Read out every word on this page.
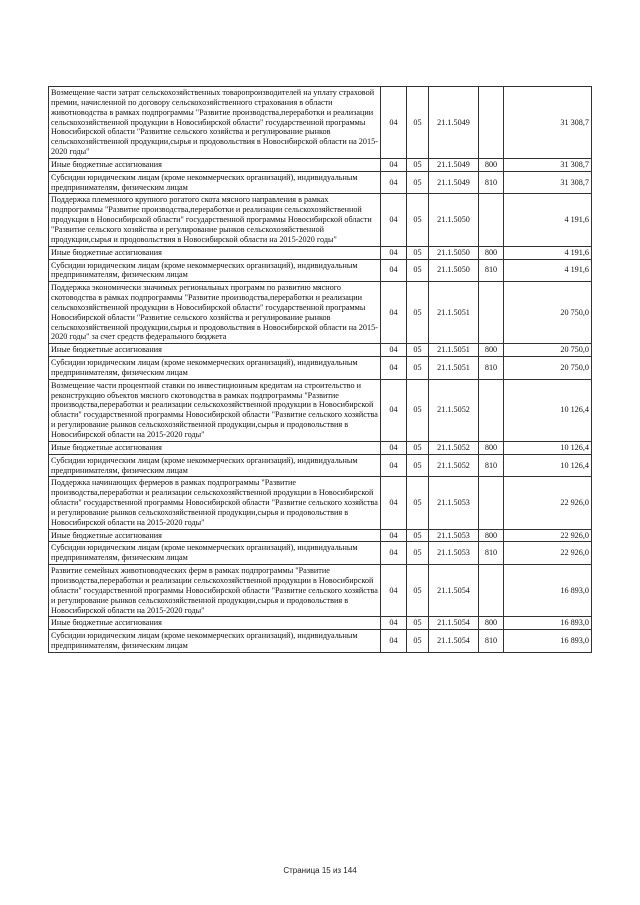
Возмещение части затрат сельскохозяйственных товаропроизводителей на уплату страховой премии, начисленной по договору сельскохозяйственного страхования в области животноводства в рамках подпрограммы "Развитие производства,переработки и реализации сельскохозяйственной продукции в Новосибирской области" государственной программы Новосибирской области "Развитие сельского хозяйства и регулирование рынков сельскохозяйственной продукции,сырья и продовольствия в Новосибирской области на 2015-2020 годы"	04	05	21.1.5049		31 308,7
Иные бюджетные ассигнования	04	05	21.1.5049	800	31 308,7
Субсидии юридическим лицам (кроме некоммерческих организаций), индивидуальным предпринимателям, физическим лицам	04	05	21.1.5049	810	31 308,7
Поддержка племенного крупного рогатого скота мясного направления в рамках подпрограммы "Развитие производства,переработки и реализации сельскохозяйственной продукции в Новосибирской области" государственной программы Новосибирской области "Развитие сельского хозяйства и регулирование рынков сельскохозяйственной продукции,сырья и продовольствия в Новосибирской области на 2015-2020 годы"	04	05	21.1.5050		4 191,6
Иные бюджетные ассигнования	04	05	21.1.5050	800	4 191,6
Субсидии юридическим лицам (кроме некоммерческих организаций), индивидуальным предпринимателям, физическим лицам	04	05	21.1.5050	810	4 191,6
Поддержка экономически значимых региональных программ по развитию мясного скотоводства в рамках подпрограммы "Развитие производства,переработки и реализации сельскохозяйственной продукции в Новосибирской области" государственной программы Новосибирской области "Развитие сельского хозяйства и регулирование рынков сельскохозяйственной продукции,сырья и продовольствия в Новосибирской области на 2015-2020 годы" за счет средств федерального бюджета	04	05	21.1.5051		20 750,0
Иные бюджетные ассигнования	04	05	21.1.5051	800	20 750,0
Субсидии юридическим лицам (кроме некоммерческих организаций), индивидуальным предпринимателям, физическим лицам	04	05	21.1.5051	810	20 750,0
Возмещение части процентной ставки по инвестиционным кредитам на строительство и реконструкцию объектов мясного скотоводства в рамках подпрограммы "Развитие производства,переработки и реализации сельскохозяйственной продукции в Новосибирской области" государственной программы Новосибирской области "Развитие сельского хозяйства и регулирование рынков сельскохозяйственной продукции,сырья и продовольствия в Новосибирской области на 2015-2020 годы"	04	05	21.1.5052		10 126,4
Иные бюджетные ассигнования	04	05	21.1.5052	800	10 126,4
Субсидии юридическим лицам (кроме некоммерческих организаций), индивидуальным предпринимателям, физическим лицам	04	05	21.1.5052	810	10 126,4
Поддержка начинающих фермеров в рамках подпрограммы "Развитие производства,переработки и реализации сельскохозяйственной продукции в Новосибирской области" государственной программы Новосибирской области "Развитие сельского хозяйства и регулирование рынков сельскохозяйственной продукции,сырья и продовольствия в Новосибирской области на 2015-2020 годы"	04	05	21.1.5053		22 926,0
Иные бюджетные ассигнования	04	05	21.1.5053	800	22 926,0
Субсидии юридическим лицам (кроме некоммерческих организаций), индивидуальным предпринимателям, физическим лицам	04	05	21.1.5053	810	22 926,0
Развитие семейных животноводческих ферм в рамках подпрограммы "Развитие производства,переработки и реализации сельскохозяйственной продукции в Новосибирской области" государственной программы Новосибирской области "Развитие сельского хозяйства и регулирование рынков сельскохозяйственной продукции,сырья и продовольствия в Новосибирской области на 2015-2020 годы"	04	05	21.1.5054		16 893,0
Иные бюджетные ассигнования	04	05	21.1.5054	800	16 893,0
Субсидии юридическим лицам (кроме некоммерческих организаций), индивидуальным предпринимателям, физическим лицам	04	05	21.1.5054	810	16 893,0
Страница 15 из 144
